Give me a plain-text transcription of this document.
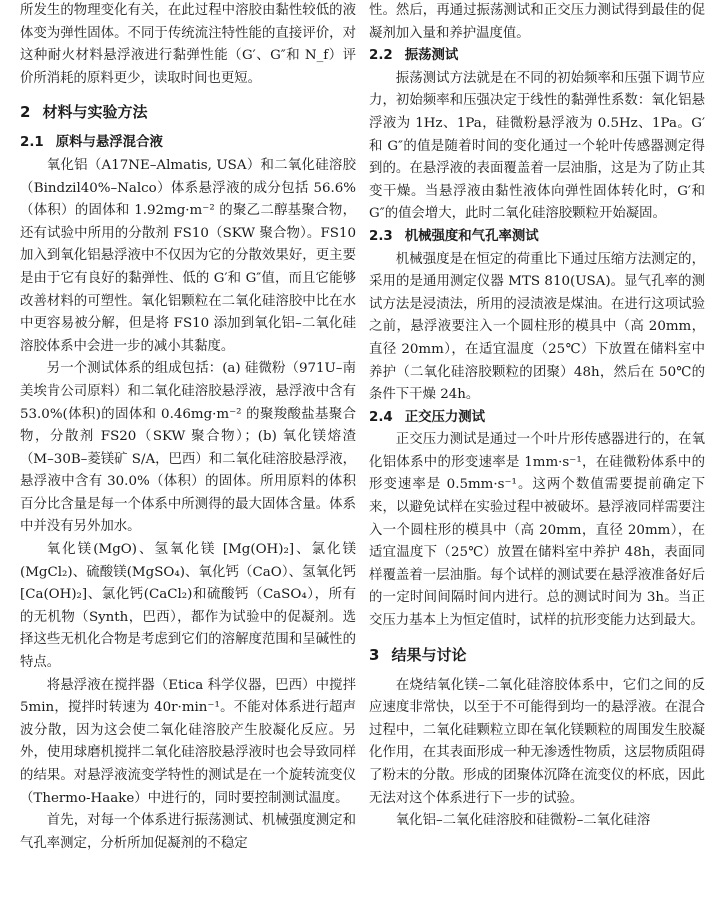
所发生的物理变化有关，在此过程中溶胶由黏性较低的液体变为弹性固体。不同于传统流注特性能的直接评价，对这种耐火材料悬浮液进行黏弹性能（G′、G″和 N_f）评价所消耗的原料更少，读取时间也更短。

2 材料与实验方法
2.1 原料与悬浮混合液

氧化铝（A17NE–Almatis, USA）和二氧化硅溶胶（Bindzil40%–Nalco）体系悬浮液的成分包括 56.6%（体积）的固体和 1.92mg·m⁻² 的聚乙二醇基聚合物，还有试验中所用的分散剂 FS10（SKW 聚合物）。FS10 加入到氧化铝悬浮液中不仅因为它的分散效果好，更主要是由于它有良好的黏弹性、低的 G′和 G″值，而且它能够改善材料的可塑性。氧化铝颗粒在二氧化硅溶胶中比在水中更容易被分解，但是将 FS10 添加到氧化铝–二氧化硅溶胶体系中会进一步的减小其黏度。

另一个测试体系的组成包括：(a) 硅微粉（971U–南美埃肯公司原料）和二氧化硅溶胶悬浮液，悬浮液中含有 53.0%(体积)的固体和 0.46mg·m⁻² 的聚羧酸盐基聚合物，分散剂 FS20（SKW 聚合物）；(b) 氧化镁熔渣（M–30B–菱镁矿 S/A，巴西）和二氧化硅溶胶悬浮液，悬浮液中含有 30.0%（体积）的固体。所用原料的体积百分比含量是每一个体系中所测得的最大固体含量。体系中并没有另外加水。

氧化镁(MgO)、氢氧化镁 [Mg(OH)₂]、氯化镁(MgCl₂)、硫酸镁(MgSO₄)、氧化钙（CaO）、氢氧化钙[Ca(OH)₂]、氯化钙(CaCl₂)和硫酸钙（CaSO₄），所有的无机物（Synth，巴西），都作为试验中的促凝剂。选择这些无机化合物是考虑到它们的溶解度范围和呈碱性的特点。

将悬浮液在搅拌器（Etica 科学仪器，巴西）中搅拌 5min，搅拌时转速为 40r·min⁻¹。不能对体系进行超声波分散，因为这会使二氧化硅溶胶产生胶凝化反应。另外，使用球磨机搅拌二氧化硅溶胶悬浮液时也会导致同样的结果。对悬浮液流变学特性的测试是在一个旋转流变仪（Thermo-Haake）中进行的，同时要控制测试温度。

首先，对每一个体系进行振荡测试、机械强度测定和气孔率测定，分析所加促凝剂的不稳定

性。然后，再通过振荡测试和正交压力测试得到最佳的促凝剂加入量和养护温度值。

2.2 振荡测试

振荡测试方法就是在不同的初始频率和压强下调节应力，初始频率和压强决定于线性的黏弹性系数：氧化铝悬浮液为 1Hz、1Pa，硅微粉悬浮液为 0.5Hz、1Pa。G′和 G″的值是随着时间的变化通过一个轮叶传感器测定得到的。在悬浮液的表面覆盖着一层油脂，这是为了防止其变干燥。当悬浮液由黏性液体向弹性固体转化时，G′和 G″的值会增大，此时二氧化硅溶胶颗粒开始凝固。

2.3 机械强度和气孔率测试

机械强度是在恒定的荷重比下通过压缩方法测定的，采用的是通用测定仪器 MTS 810(USA)。显气孔率的测试方法是浸渍法，所用的浸渍液是煤油。在进行这项试验之前，悬浮液要注入一个圆柱形的模具中（高 20mm，直径 20mm），在适宜温度（25℃）下放置在储料室中养护（二氧化硅溶胶颗粒的团聚）48h，然后在 50℃的条件下干燥 24h。

2.4 正交压力测试

正交压力测试是通过一个叶片形传感器进行的，在氧化铝体系中的形变速率是 1mm·s⁻¹，在硅微粉体系中的形变速率是 0.5mm·s⁻¹。这两个数值需要提前确定下来，以避免试样在实验过程中被破坏。悬浮液同样需要注入一个圆柱形的模具中（高 20mm，直径 20mm），在适宜温度下（25℃）放置在储料室中养护 48h，表面同样覆盖着一层油脂。每个试样的测试要在悬浮液准备好后的一定时间间隔时间内进行。总的测试时间为 3h。当正交压力基本上为恒定值时，试样的抗形变能力达到最大。

3 结果与讨论

在烧结氧化镁–二氧化硅溶胶体系中，它们之间的反应速度非常快，以至于不可能得到均一的悬浮液。在混合过程中，二氧化硅颗粒立即在氧化镁颗粒的周围发生胶凝化作用，在其表面形成一种无渗透性物质，这层物质阻碍了粉末的分散。形成的团聚体沉降在流变仪的杯底，因此无法对这个体系进行下一步的试验。

氧化铝–二氧化硅溶胶和硅微粉–二氧化硅溶
